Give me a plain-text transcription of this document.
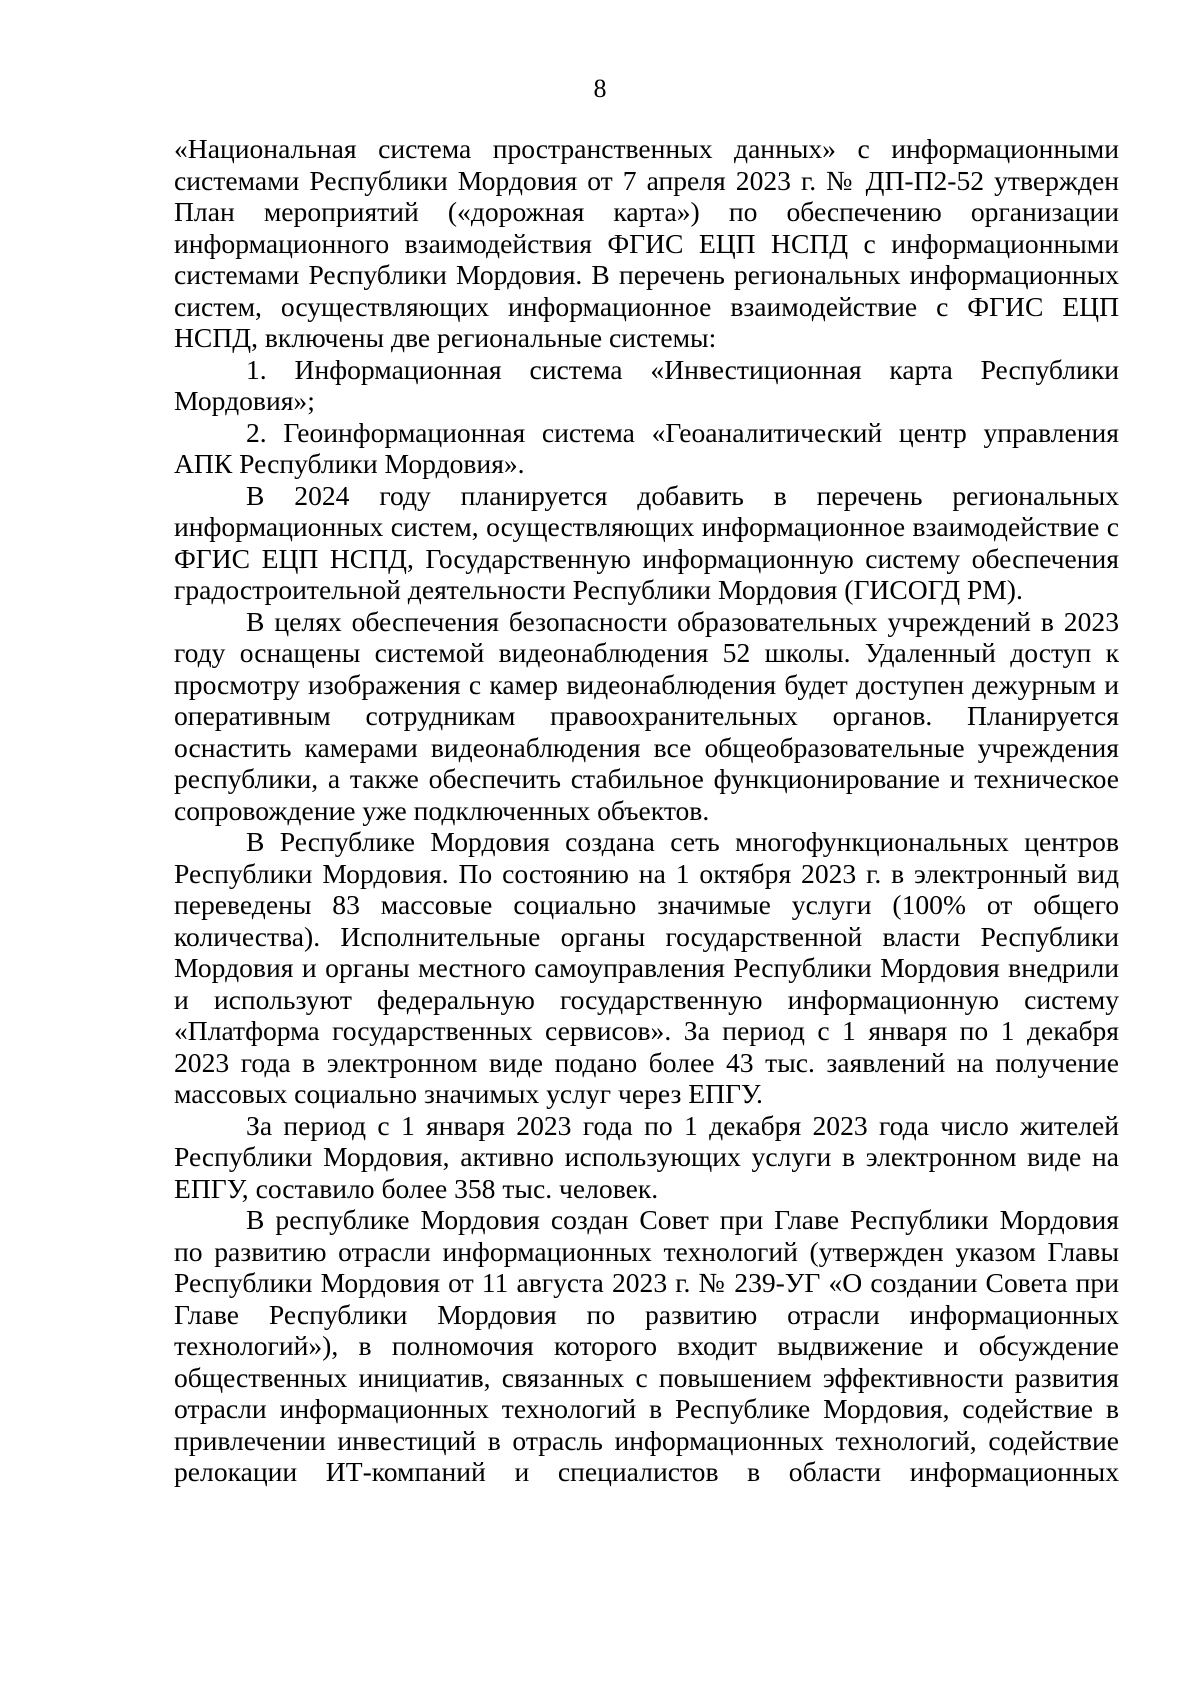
8

«Национальная система пространственных данных» с информационными системами Республики Мордовия от 7 апреля 2023 г. № ДП-П2-52 утвержден План мероприятий («дорожная карта») по обеспечению организации информационного взаимодействия ФГИС ЕЦП НСПД с информационными системами Республики Мордовия. В перечень региональных информационных систем, осуществляющих информационное взаимодействие с ФГИС ЕЦП НСПД, включены две региональные системы:

1. Информационная система «Инвестиционная карта Республики Мордовия»;

2. Геоинформационная система «Геоаналитический центр управления АПК Республики Мордовия».

В 2024 году планируется добавить в перечень региональных информационных систем, осуществляющих информационное взаимодействие с ФГИС ЕЦП НСПД, Государственную информационную систему обеспечения градостроительной деятельности Республики Мордовия (ГИСОГД РМ).

В целях обеспечения безопасности образовательных учреждений в 2023 году оснащены системой видеонаблюдения 52 школы. Удаленный доступ к просмотру изображения с камер видеонаблюдения будет доступен дежурным и оперативным сотрудникам правоохранительных органов. Планируется оснастить камерами видеонаблюдения все общеобразовательные учреждения республики, а также обеспечить стабильное функционирование и техническое сопровождение уже подключенных объектов.

В Республике Мордовия создана сеть многофункциональных центров Республики Мордовия. По состоянию на 1 октября 2023 г. в электронный вид переведены 83 массовые социально значимые услуги (100% от общего количества). Исполнительные органы государственной власти Республики Мордовия и органы местного самоуправления Республики Мордовия внедрили и используют федеральную государственную информационную систему «Платформа государственных сервисов». За период с 1 января по 1 декабря 2023 года в электронном виде подано более 43 тыс. заявлений на получение массовых социально значимых услуг через ЕПГУ.

За период с 1 января 2023 года по 1 декабря 2023 года число жителей Республики Мордовия, активно использующих услуги в электронном виде на ЕПГУ, составило более 358 тыс. человек.

В республике Мордовия создан Совет при Главе Республики Мордовия по развитию отрасли информационных технологий (утвержден указом Главы Республики Мордовия от 11 августа 2023 г. № 239-УГ «О создании Совета при Главе Республики Мордовия по развитию отрасли информационных технологий»), в полномочия которого входит выдвижение и обсуждение общественных инициатив, связанных с повышением эффективности развития отрасли информационных технологий в Республике Мордовия, содействие в привлечении инвестиций в отрасль информационных технологий, содействие релокации ИТ-компаний и специалистов в области информационных
